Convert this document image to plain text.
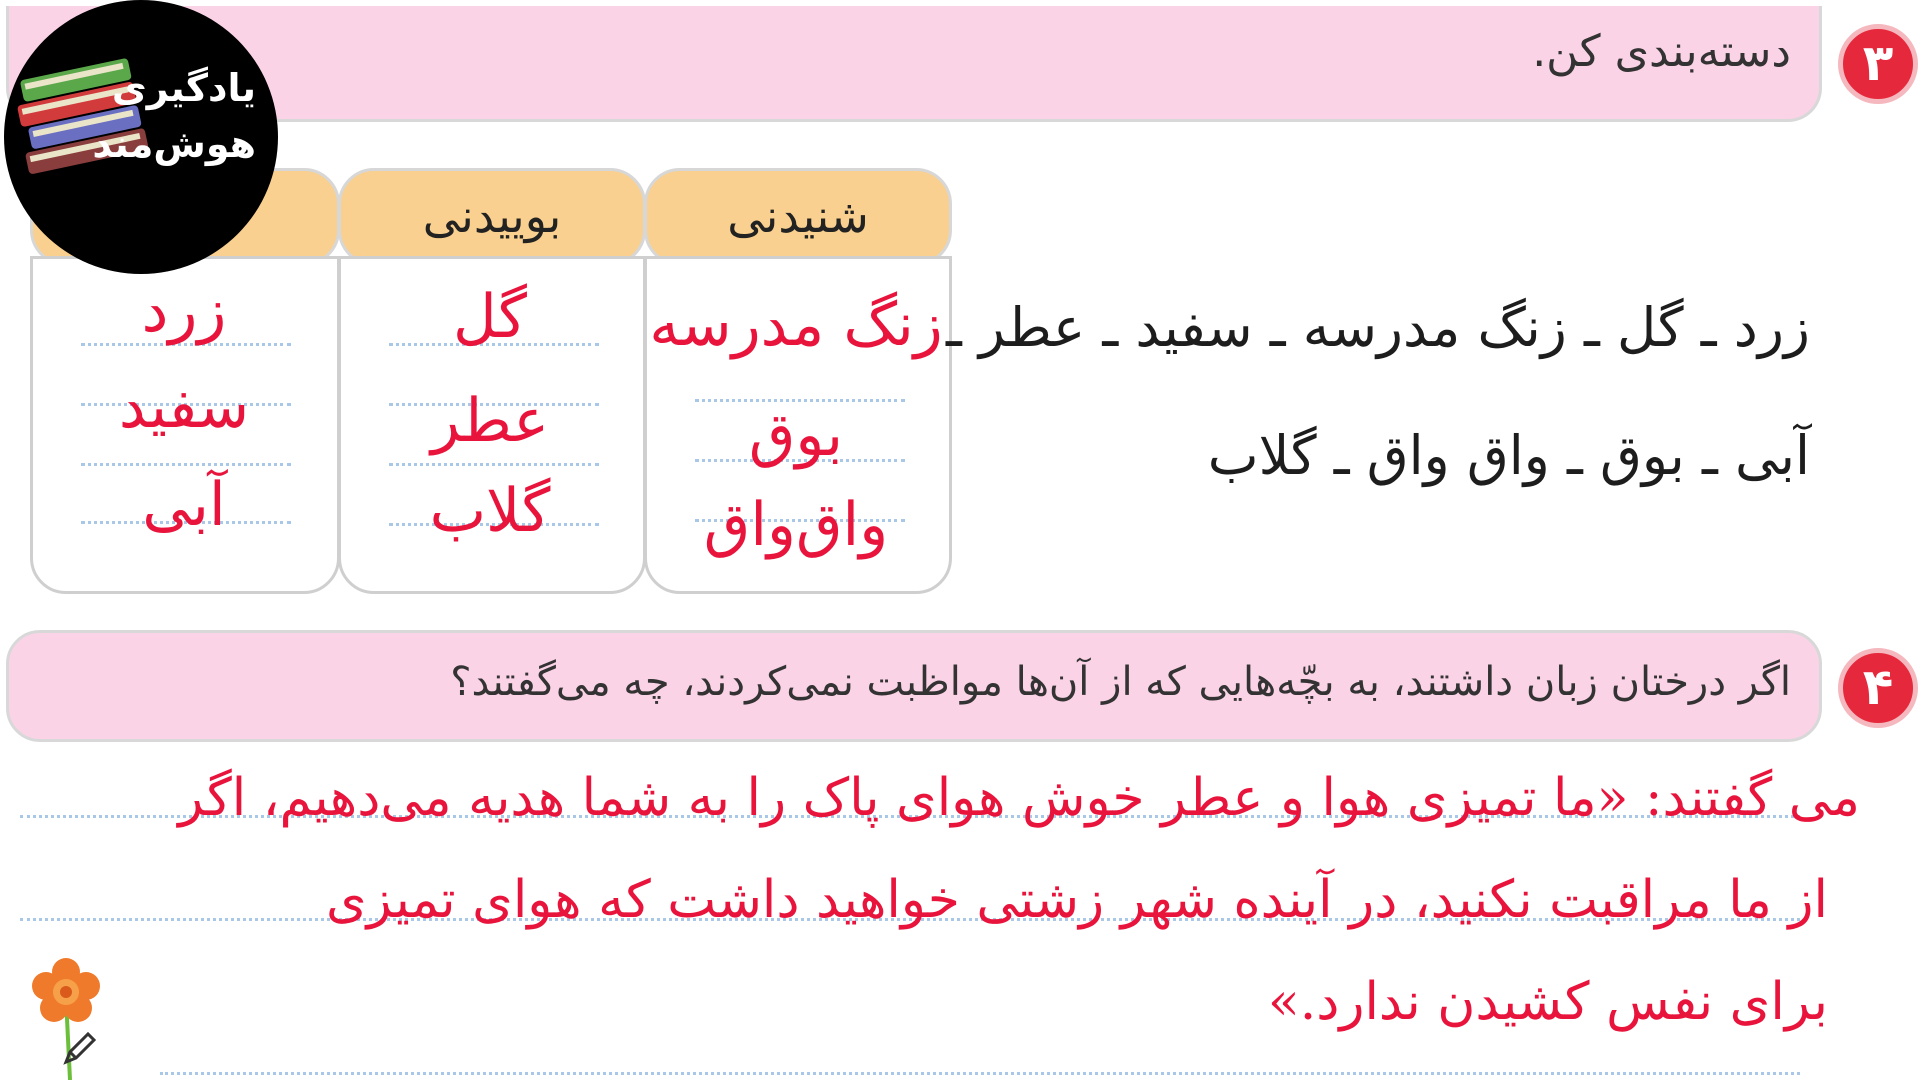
دسته‌بندی کن.	۳
شنیدنی
بوییدنی
زنگ مدرسه
بوق
واق‌واق
گل
عطر
گلاب
زرد
سفید
آبی
زرد ـ گل ـ زنگ مدرسه ـ سفید ـ عطر ـ
آبی ـ بوق ـ واق واق ـ گلاب
اگر درختان زبان داشتند، به بچّه‌هایی که از آن‌ها مواظبت نمی‌کردند، چه می‌گفتند؟	۴
می گفتند: «ما تمیزی هوا و عطر خوش هوای پاک را به شما هدیه می‌دهیم، اگر
از ما مراقبت نکنید، در آینده شهر زشتی خواهید داشت که هوای تمیزی
برای نفس کشیدن ندارد.»
یادگیری
هوش‌مند
